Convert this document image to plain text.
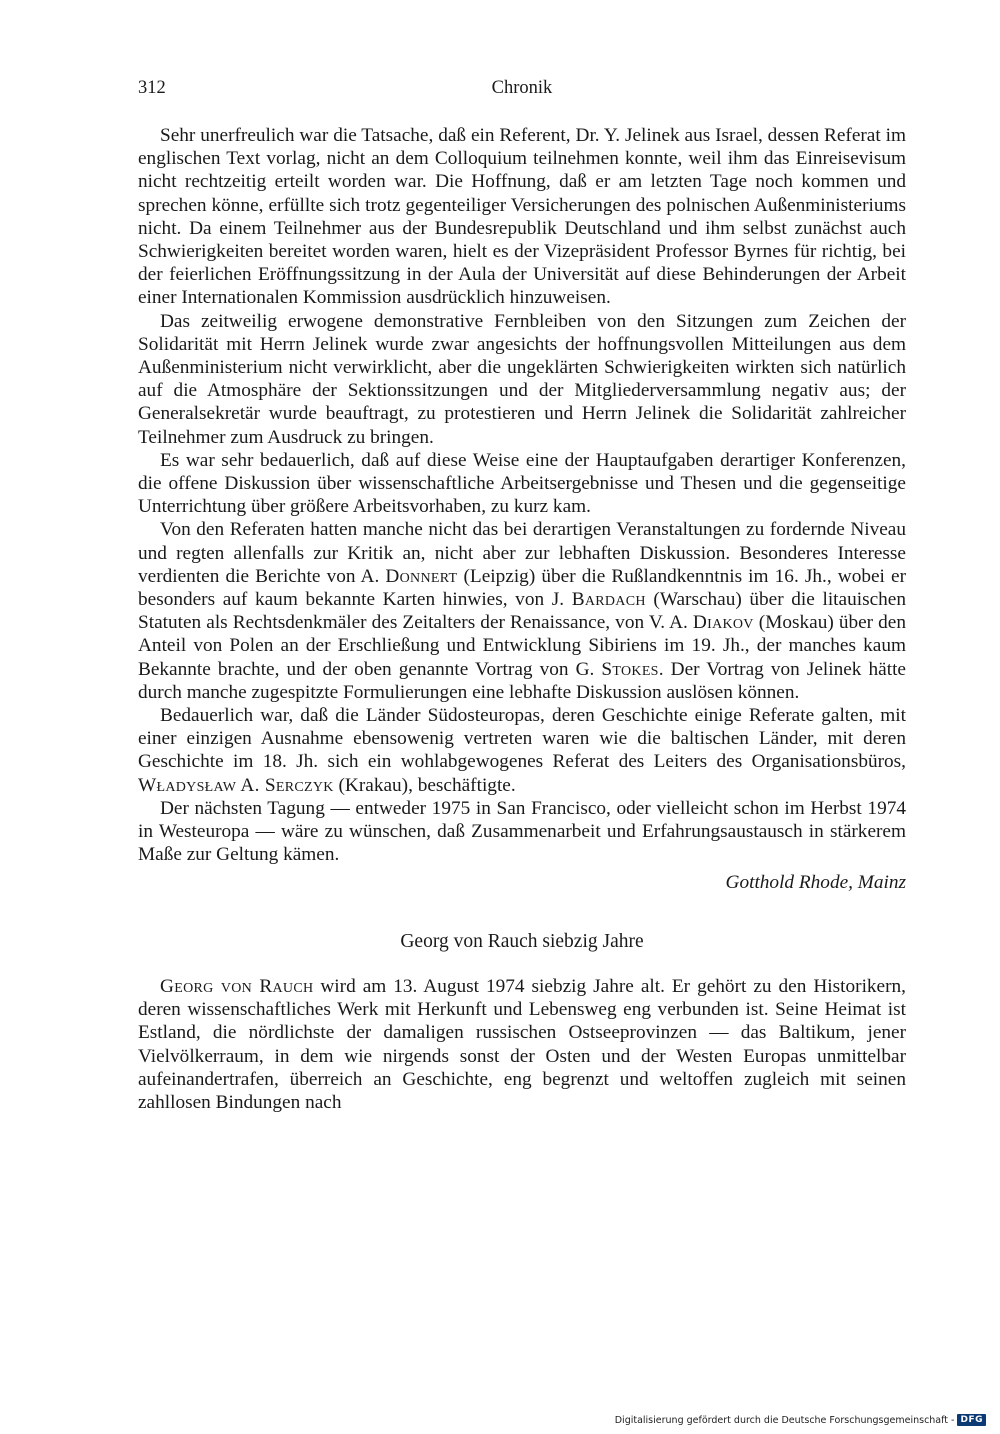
312	Chronik

Sehr unerfreulich war die Tatsache, daß ein Referent, Dr. Y. Jelinek aus Israel, dessen Referat im englischen Text vorlag, nicht an dem Colloquium teilnehmen konnte, weil ihm das Einreisevisum nicht rechtzeitig erteilt worden war. Die Hoffnung, daß er am letzten Tage noch kommen und sprechen könne, erfüllte sich trotz gegenteiliger Versicherungen des polnischen Außenministeriums nicht. Da einem Teilnehmer aus der Bundesrepublik Deutschland und ihm selbst zunächst auch Schwierigkeiten bereitet worden waren, hielt es der Vizepräsident Professor Byrnes für richtig, bei der feierlichen Eröffnungssitzung in der Aula der Universität auf diese Behinderungen der Arbeit einer Internationalen Kommission ausdrücklich hinzuweisen.

Das zeitweilig erwogene demonstrative Fernbleiben von den Sitzungen zum Zeichen der Solidarität mit Herrn Jelinek wurde zwar angesichts der hoffnungsvollen Mitteilungen aus dem Außenministerium nicht verwirklicht, aber die ungeklärten Schwierigkeiten wirkten sich natürlich auf die Atmosphäre der Sektionssitzungen und der Mitgliederversammlung negativ aus; der Generalsekretär wurde beauftragt, zu protestieren und Herrn Jelinek die Solidarität zahlreicher Teilnehmer zum Ausdruck zu bringen.

Es war sehr bedauerlich, daß auf diese Weise eine der Hauptaufgaben derartiger Konferenzen, die offene Diskussion über wissenschaftliche Arbeitsergebnisse und Thesen und die gegenseitige Unterrichtung über größere Arbeitsvorhaben, zu kurz kam.

Von den Referaten hatten manche nicht das bei derartigen Veranstaltungen zu fordernde Niveau und regten allenfalls zur Kritik an, nicht aber zur lebhaften Diskussion. Besonderes Interesse verdienten die Berichte von A. Donnert (Leipzig) über die Rußlandkenntnis im 16. Jh., wobei er besonders auf kaum bekannte Karten hinwies, von J. Bardach (Warschau) über die litauischen Statuten als Rechtsdenkmäler des Zeitalters der Renaissance, von V. A. Diakov (Moskau) über den Anteil von Polen an der Erschließung und Entwicklung Sibiriens im 19. Jh., der manches kaum Bekannte brachte, und der oben genannte Vortrag von G. Stokes. Der Vortrag von Jelinek hätte durch manche zugespitzte Formulierungen eine lebhafte Diskussion auslösen können.

Bedauerlich war, daß die Länder Südosteuropas, deren Geschichte einige Referate galten, mit einer einzigen Ausnahme ebensowenig vertreten waren wie die baltischen Länder, mit deren Geschichte im 18. Jh. sich ein wohlabgewogenes Referat des Leiters des Organisationsbüros, Władysław A. Serczyk (Krakau), beschäftigte.

Der nächsten Tagung — entweder 1975 in San Francisco, oder vielleicht schon im Herbst 1974 in Westeuropa — wäre zu wünschen, daß Zusammenarbeit und Erfahrungsaustausch in stärkerem Maße zur Geltung kämen.

Gotthold Rhode, Mainz
Georg von Rauch siebzig Jahre

Georg von Rauch wird am 13. August 1974 siebzig Jahre alt. Er gehört zu den Historikern, deren wissenschaftliches Werk mit Herkunft und Lebensweg eng verbunden ist. Seine Heimat ist Estland, die nördlichste der damaligen russischen Ostseeprovinzen — das Baltikum, jener Vielvölkerraum, in dem wie nirgends sonst der Osten und der Westen Europas unmittelbar aufeinandertrafen, überreich an Geschichte, eng begrenzt und weltoffen zugleich mit seinen zahllosen Bindungen nach

Digitalisierung gefördert durch die Deutsche Forschungsgemeinschaft - DFG
